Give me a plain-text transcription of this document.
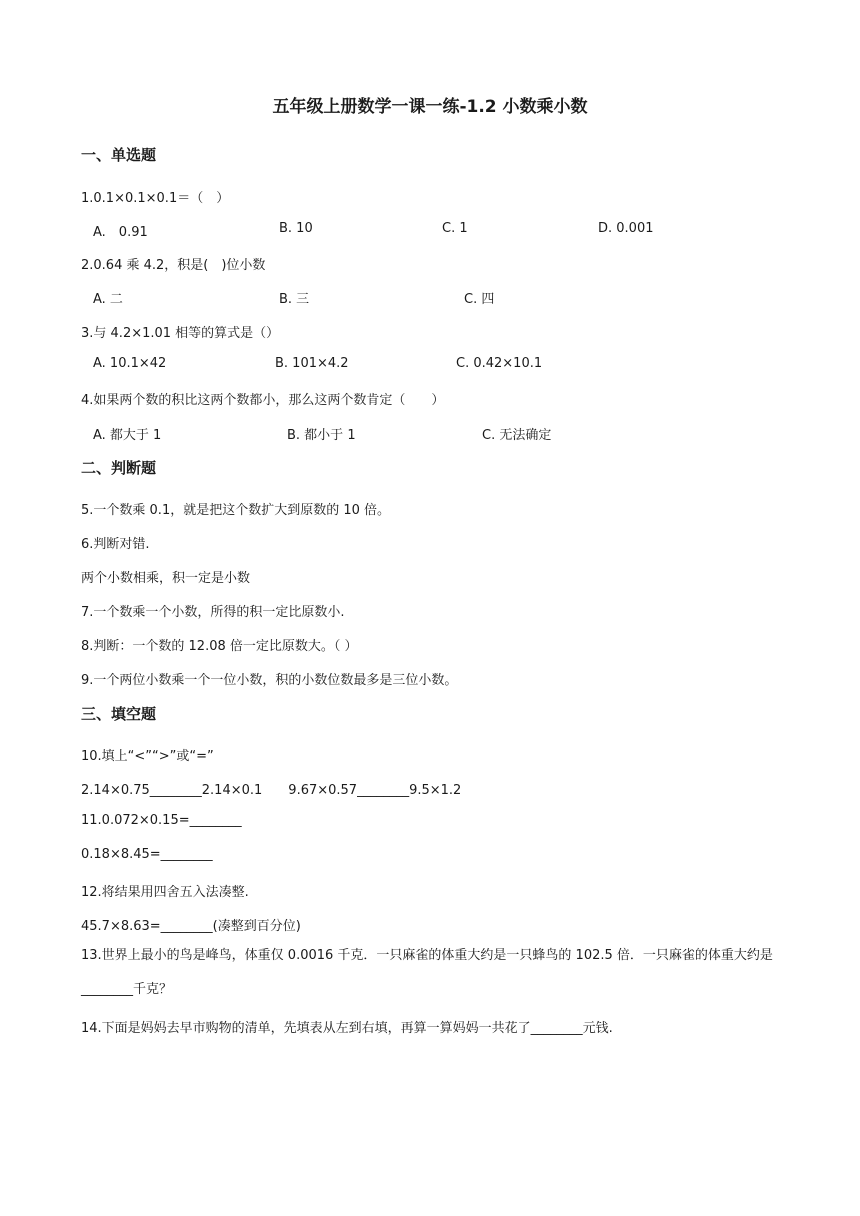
五年级上册数学一课一练-1.2 小数乘小数
一、单选题
1.0.1×0.1×0.1＝（　）
A.　0.91	B. 10	C. 1	D. 0.001
2.0.64 乘 4.2，积是(　)位小数
A. 二	B. 三	C. 四
3.与 4.2×1.01 相等的算式是（）
A. 10.1×42	B. 101×4.2	C. 0.42×10.1
4.如果两个数的积比这两个数都小，那么这两个数肯定（　　）
A. 都大于 1	B. 都小于 1	C. 无法确定
二、判断题
5.一个数乘 0.1，就是把这个数扩大到原数的 10 倍。
6.判断对错.
两个小数相乘，积一定是小数
7.一个数乘一个小数，所得的积一定比原数小.
8.判断：一个数的 12.08 倍一定比原数大。（ ）
9.一个两位小数乘一个一位小数，积的小数位数最多是三位小数。
三、填空题
10.填上“<”“>”或“=”
2.14×0.75________2.14×0.1　　9.67×0.57________9.5×1.2
11.0.072×0.15=________
0.18×8.45=________
12.将结果用四舍五入法凑整.
45.7×8.63=________(凑整到百分位)
13.世界上最小的鸟是峰鸟，体重仅 0.0016 千克．一只麻雀的体重大约是一只蜂鸟的 102.5 倍．一只麻雀的体重大约是________千克？
14.下面是妈妈去早市购物的清单，先填表从左到右填，再算一算妈妈一共花了________元钱.
